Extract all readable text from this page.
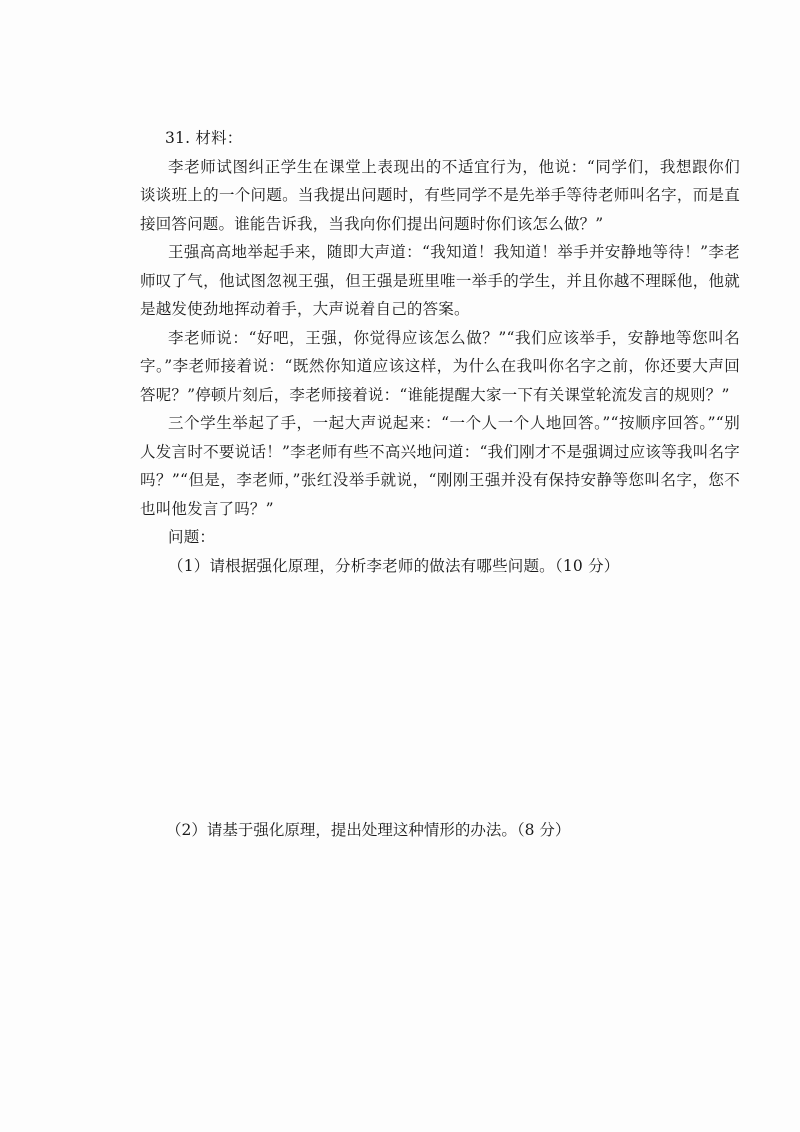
31. 材料：

李老师试图纠正学生在课堂上表现出的不适宜行为，他说：“同学们，我想跟你们谈谈班上的一个问题。当我提出问题时，有些同学不是先举手等待老师叫名字，而是直接回答问题。谁能告诉我，当我向你们提出问题时你们该怎么做？”

王强高高地举起手来，随即大声道：“我知道！我知道！举手并安静地等待！”李老师叹了气，他试图忽视王强，但王强是班里唯一举手的学生，并且你越不理睬他，他就是越发使劲地挥动着手，大声说着自己的答案。

李老师说：“好吧，王强，你觉得应该怎么做？”“我们应该举手，安静地等您叫名字。”李老师接着说：“既然你知道应该这样，为什么在我叫你名字之前，你还要大声回答呢？”停顿片刻后，李老师接着说：“谁能提醒大家一下有关课堂轮流发言的规则？”

三个学生举起了手，一起大声说起来：“一个人一个人地回答。”“按顺序回答。”“别人发言时不要说话！”李老师有些不高兴地问道：“我们刚才不是强调过应该等我叫名字吗？”“但是，李老师，”张红没举手就说，“刚刚王强并没有保持安静等您叫名字，您不也叫他发言了吗？”

问题：

（1）请根据强化原理，分析李老师的做法有哪些问题。（10 分）

（2）请基于强化原理，提出处理这种情形的办法。（8 分）
